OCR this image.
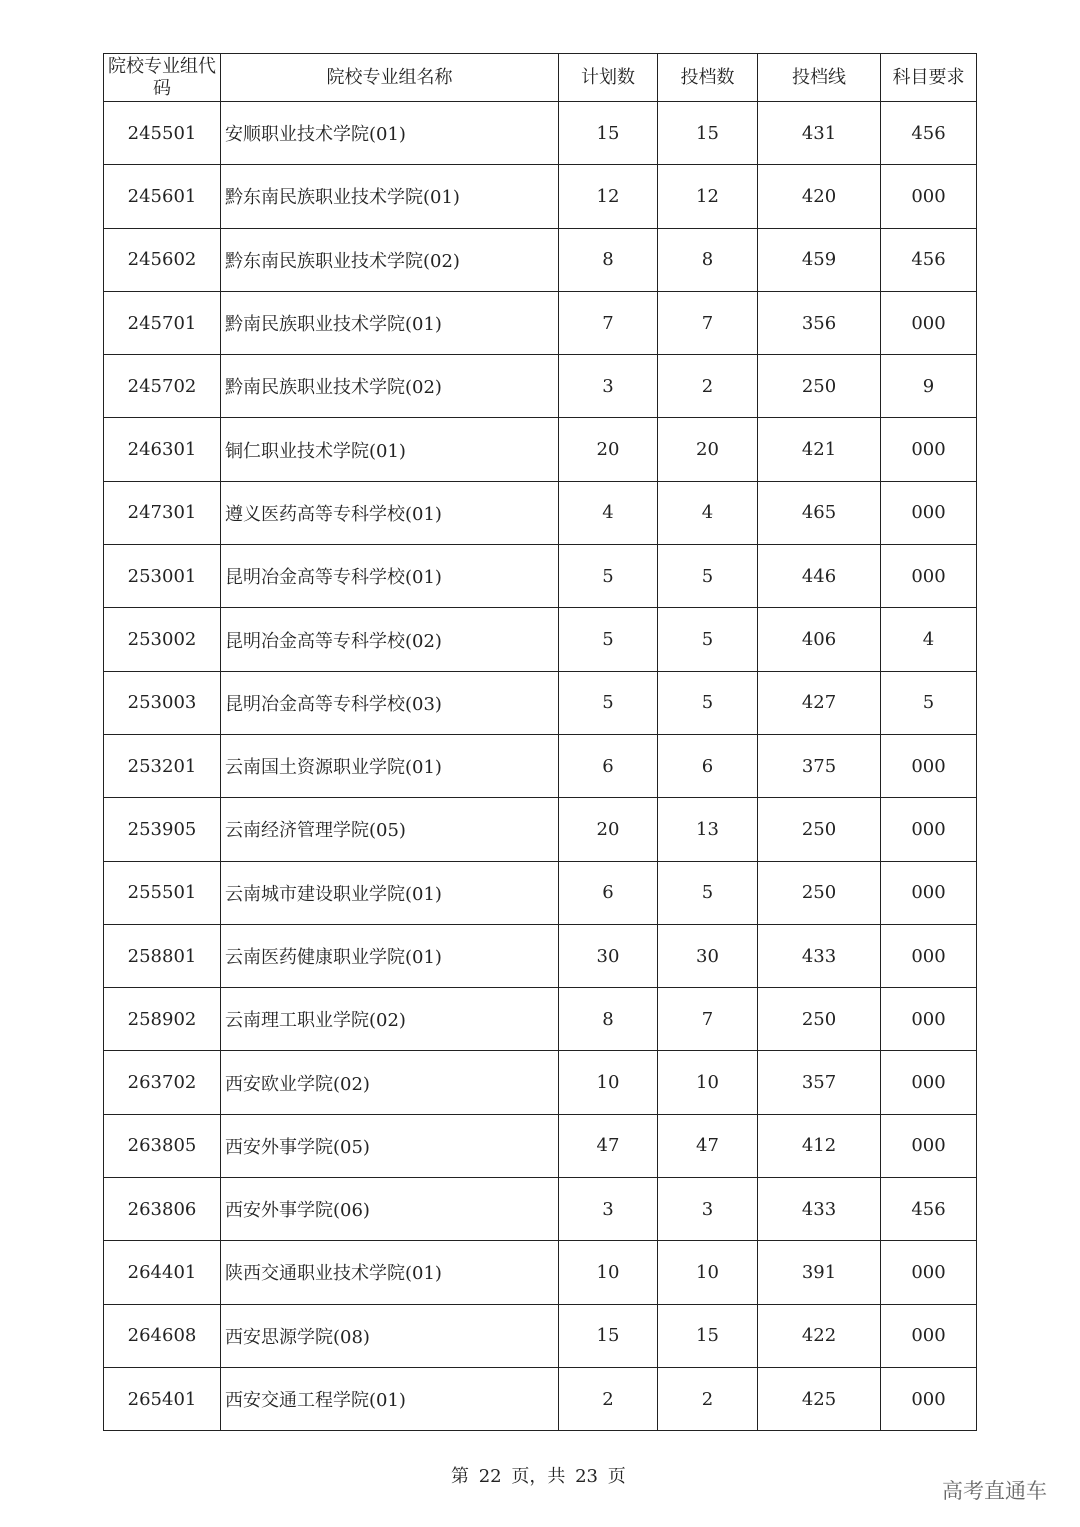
院校专业组代码	院校专业组名称	计划数	投档数	投档线	科目要求
245501	安顺职业技术学院(01)	15	15	431	456
245601	黔东南民族职业技术学院(01)	12	12	420	000
245602	黔东南民族职业技术学院(02)	8	8	459	456
245701	黔南民族职业技术学院(01)	7	7	356	000
245702	黔南民族职业技术学院(02)	3	2	250	9
246301	铜仁职业技术学院(01)	20	20	421	000
247301	遵义医药高等专科学校(01)	4	4	465	000
253001	昆明冶金高等专科学校(01)	5	5	446	000
253002	昆明冶金高等专科学校(02)	5	5	406	4
253003	昆明冶金高等专科学校(03)	5	5	427	5
253201	云南国土资源职业学院(01)	6	6	375	000
253905	云南经济管理学院(05)	20	13	250	000
255501	云南城市建设职业学院(01)	6	5	250	000
258801	云南医药健康职业学院(01)	30	30	433	000
258902	云南理工职业学院(02)	8	7	250	000
263702	西安欧业学院(02)	10	10	357	000
263805	西安外事学院(05)	47	47	412	000
263806	西安外事学院(06)	3	3	433	456
264401	陕西交通职业技术学院(01)	10	10	391	000
264608	西安思源学院(08)	15	15	422	000
265401	西安交通工程学院(01)	2	2	425	000
第 22 页，共 23 页
高考直通车
